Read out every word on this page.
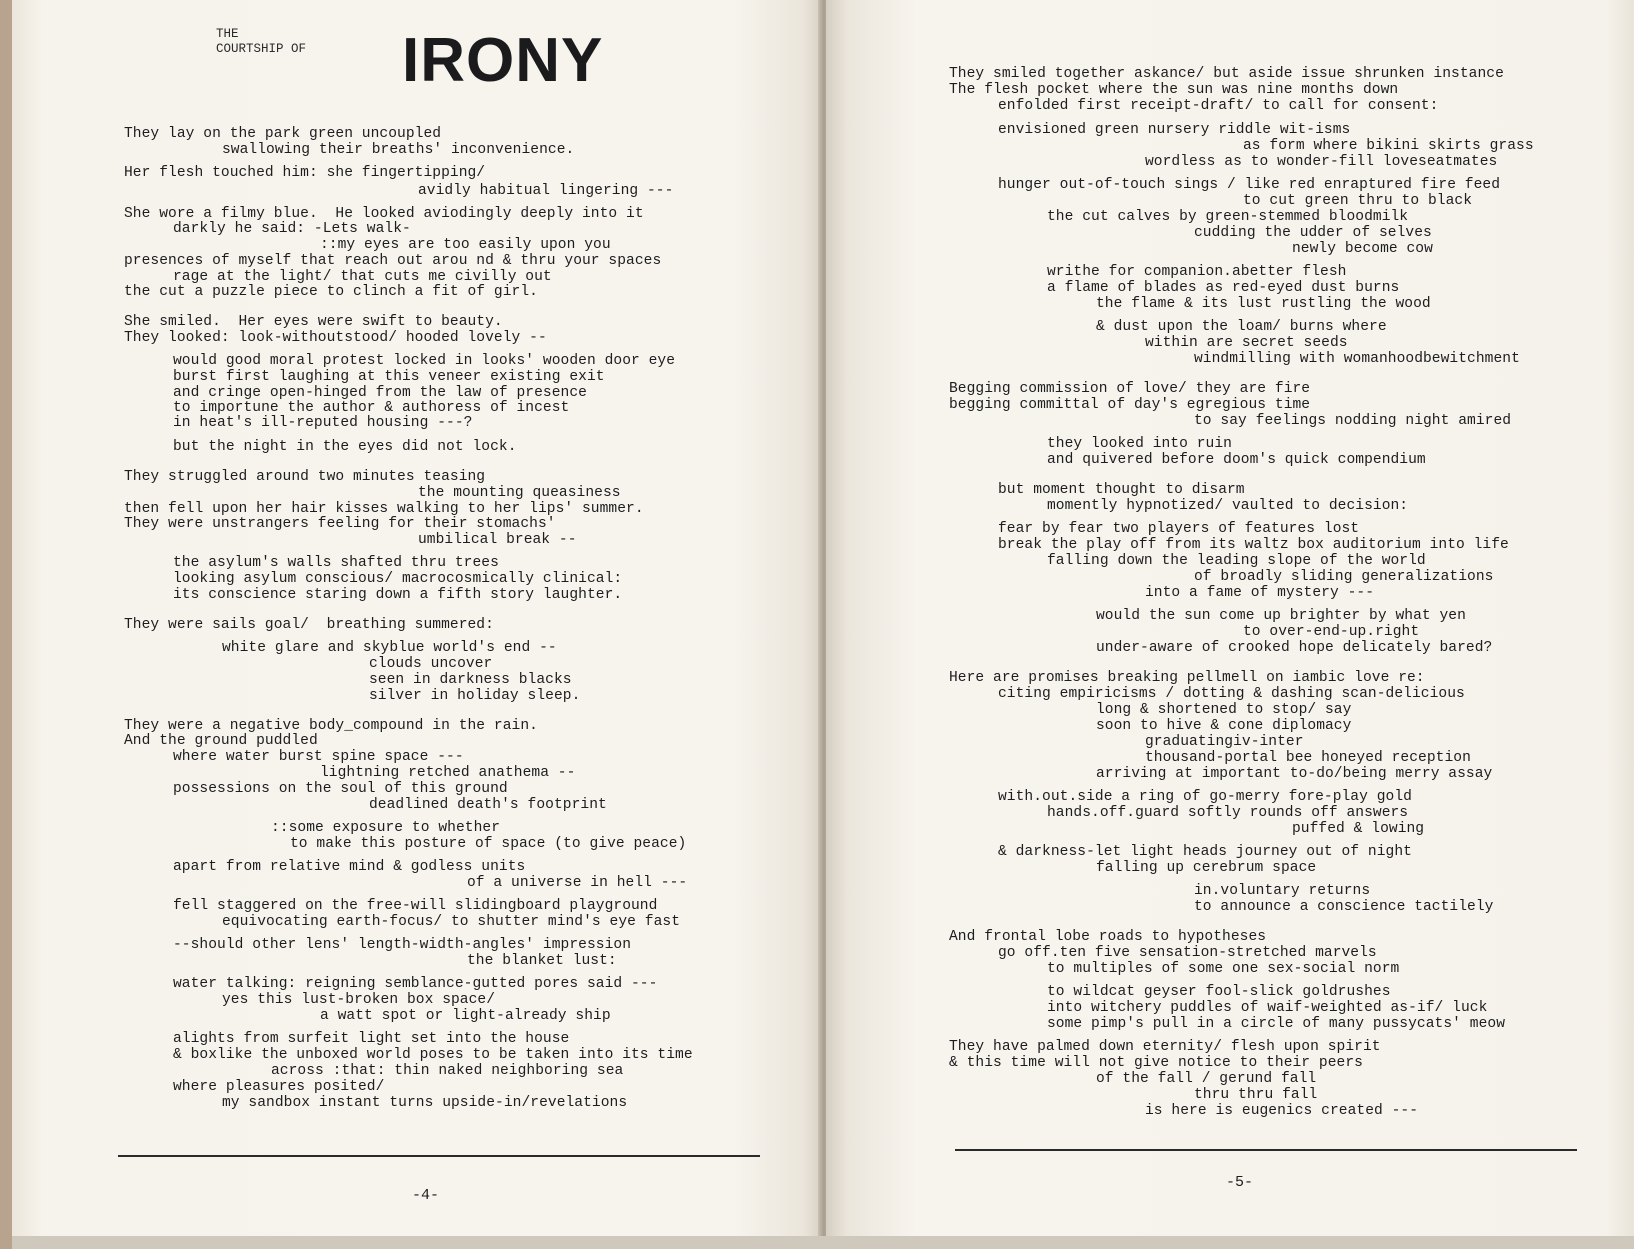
THE
COURTSHIP OF IRONY
They lay on the park green uncoupled
swallowing their breaths' inconvenience.
Her flesh touched him: she fingertipping/
avidly habitual lingering ---
She wore a filmy blue.  He looked aviodingly deeply into it
darkly he said: -Lets walk-
::my eyes are too easily upon you
presences of myself that reach out arou nd & thru your spaces
rage at the light/ that cuts me civilly out
the cut a puzzle piece to clinch a fit of girl.
She smiled.  Her eyes were swift to beauty.
They looked: look-withoutstood/ hooded lovely --
would good moral protest locked in looks' wooden door eye
burst first laughing at this veneer existing exit
and cringe open-hinged from the law of presence
to importune the author & authoress of incest
in heat's ill-reputed housing ---?
but the night in the eyes did not lock.
They struggled around two minutes teasing
the mounting queasiness
then fell upon her hair kisses walking to her lips' summer.
They were unstrangers feeling for their stomachs'
umbilical break --
the asylum's walls shafted thru trees
looking asylum conscious/ macrocosmically clinical:
its conscience staring down a fifth story laughter.
They were sails goal/  breathing summered:
white glare and skyblue world's end --
clouds uncover
seen in darkness blacks
silver in holiday sleep.
They were a negative body_compound in the rain.
And the ground puddled
where water burst spine space ---
lightning retched anathema --
possessions on the soul of this ground
deadlined death's footprint
::some exposure to whether
to make this posture of space (to give peace)
apart from relative mind & godless units
of a universe in hell ---
fell staggered on the free-will slidingboard playground
equivocating earth-focus/ to shutter mind's eye fast
--should other lens' length-width-angles' impression
the blanket lust:
water talking: reigning semblance-gutted pores said ---
yes this lust-broken box space/
a watt spot or light-already ship
alights from surfeit light set into the house
& boxlike the unboxed world poses to be taken into its time
across :that: thin naked neighboring sea
where pleasures posited/
my sandbox instant turns upside-in/revelations
-4-
They smiled together askance/ but aside issue shrunken instance
The flesh pocket where the sun was nine months down
enfolded first receipt-draft/ to call for consent:
envisioned green nursery riddle wit-isms
as form where bikini skirts grass
wordless as to wonder-fill loveseatmates
hunger out-of-touch sings / like red enraptured fire feed
to cut green thru to black
the cut calves by green-stemmed bloodmilk
cudding the udder of selves
newly become cow
writhe for companion.abetter flesh
a flame of blades as red-eyed dust burns
the flame & its lust rustling the wood
& dust upon the loam/ burns where
within are secret seeds
windmilling with womanhoodbewitchment
Begging commission of love/ they are fire
begging committal of day's egregious time
to say feelings nodding night amired
they looked into ruin
and quivered before doom's quick compendium
but moment thought to disarm
momently hypnotized/ vaulted to decision:
fear by fear two players of features lost
break the play off from its waltz box auditorium into life
falling down the leading slope of the world
of broadly sliding generalizations
into a fame of mystery ---
would the sun come up brighter by what yen
to over-end-up.right
under-aware of crooked hope delicately bared?
Here are promises breaking pellmell on iambic love re:
citing empiricisms / dotting & dashing scan-delicious
long & shortened to stop/ say
soon to hive & cone diplomacy
graduatingiv-inter
thousand-portal bee honeyed reception
arriving at important to-do/being merry assay
with.out.side a ring of go-merry fore-play gold
hands.off.guard softly rounds off answers
puffed & lowing
& darkness-let light heads journey out of night
falling up cerebrum space
in.voluntary returns
to announce a conscience tactilely
And frontal lobe roads to hypotheses
go off.ten five sensation-stretched marvels
to multiples of some one sex-social norm
to wildcat geyser fool-slick goldrushes
into witchery puddles of waif-weighted as-if/ luck
some pimp's pull in a circle of many pussycats' meow
They have palmed down eternity/ flesh upon spirit
& this time will not give notice to their peers
of the fall / gerund fall
thru thru fall
is here is eugenics created ---
-5-
